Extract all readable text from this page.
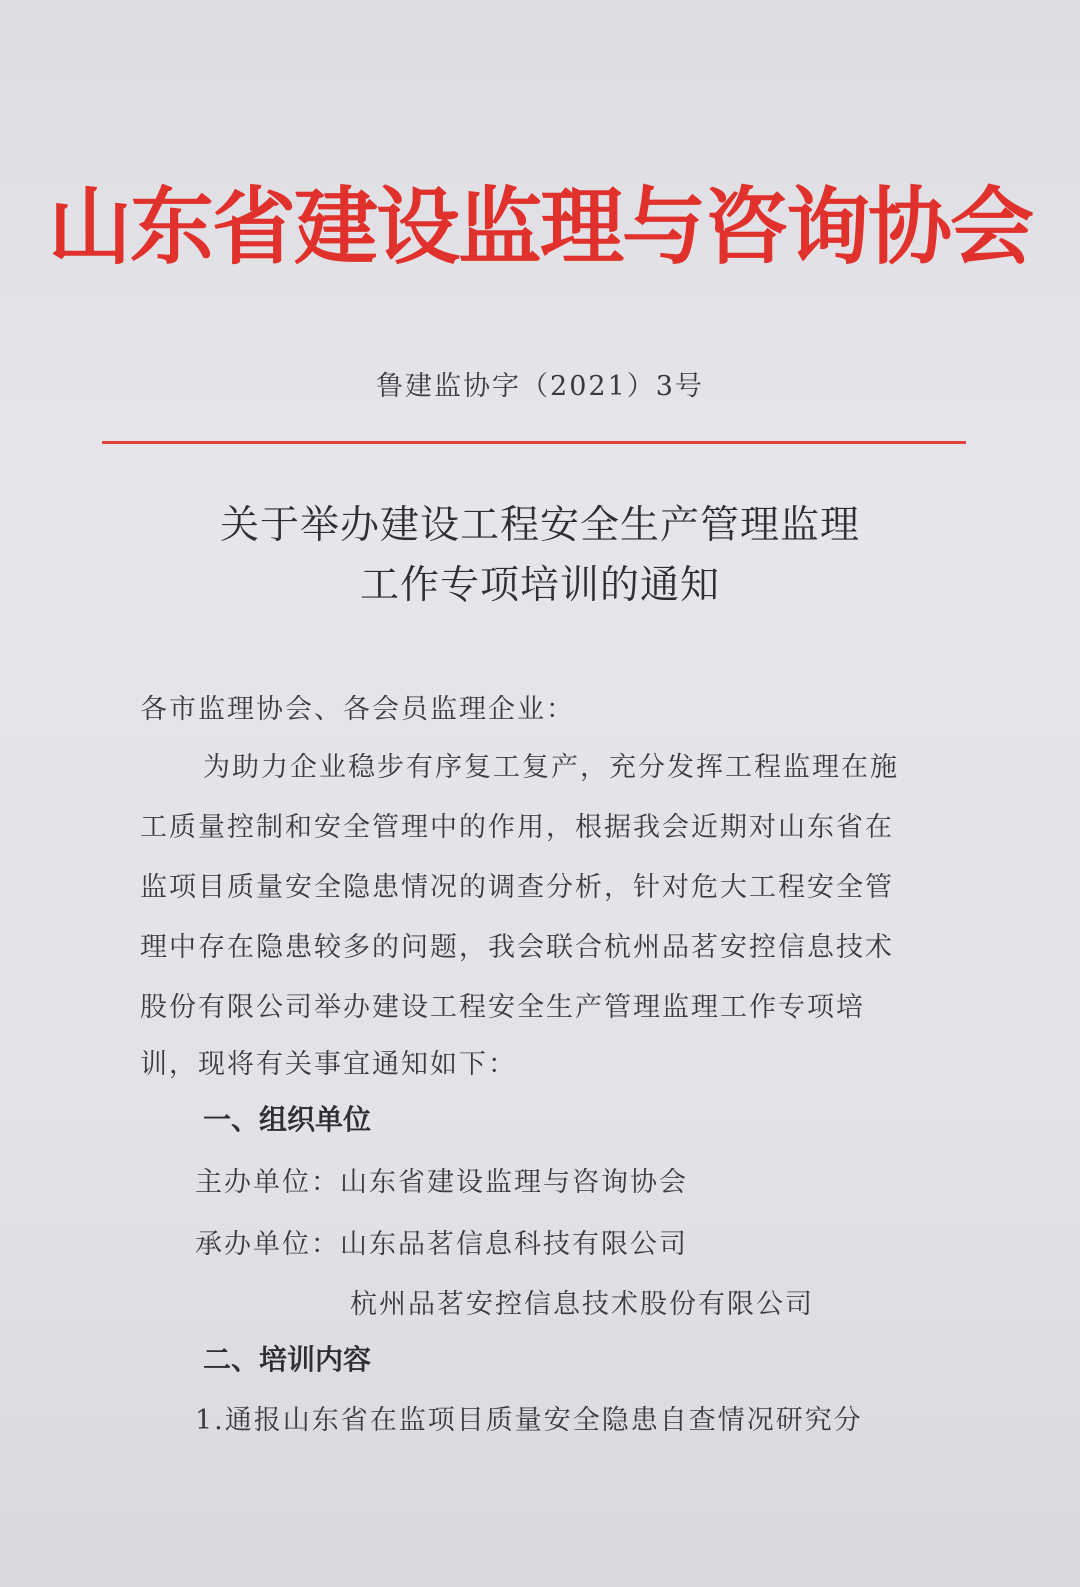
山东省建设监理与咨询协会
鲁建监协字（2021）3号
关于举办建设工程安全生产管理监理
工作专项培训的通知
各市监理协会、各会员监理企业：
为助力企业稳步有序复工复产，充分发挥工程监理在施
工质量控制和安全管理中的作用，根据我会近期对山东省在
监项目质量安全隐患情况的调查分析，针对危大工程安全管
理中存在隐患较多的问题，我会联合杭州品茗安控信息技术
股份有限公司举办建设工程安全生产管理监理工作专项培
训，现将有关事宜通知如下：
一、组织单位
主办单位：山东省建设监理与咨询协会
承办单位：山东品茗信息科技有限公司
杭州品茗安控信息技术股份有限公司
二、培训内容
1.通报山东省在监项目质量安全隐患自查情况研究分
